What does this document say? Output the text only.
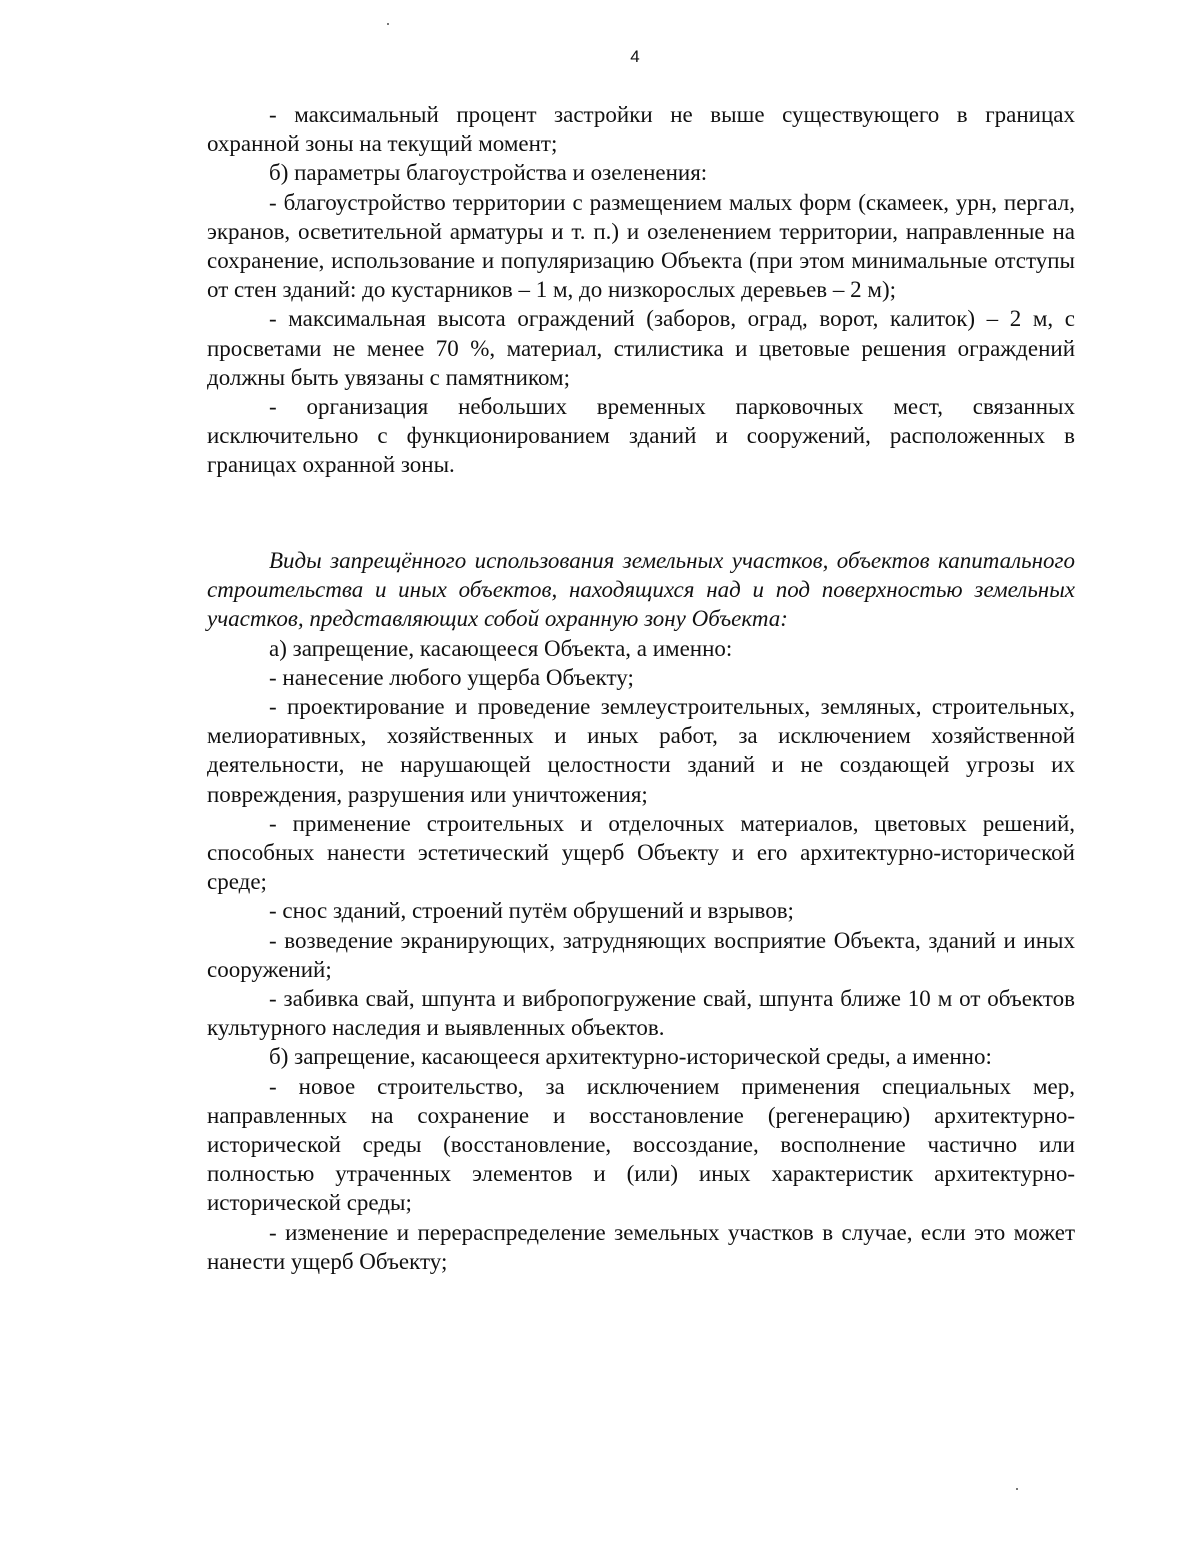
4

- максимальный процент застройки не выше существующего в границах охранной зоны на текущий момент;

б) параметры благоустройства и озеленения:

- благоустройство территории с размещением малых форм (скамеек, урн, пергал, экранов, осветительной арматуры и т. п.) и озеленением территории, направленные на сохранение, использование и популяризацию Объекта (при этом минимальные отступы от стен зданий: до кустарников – 1 м, до низкорослых деревьев – 2 м);

- максимальная высота ограждений (заборов, оград, ворот, калиток) – 2 м, с просветами не менее 70 %, материал, стилистика и цветовые решения ограждений должны быть увязаны с памятником;

- организация небольших временных парковочных мест, связанных исключительно с функционированием зданий и сооружений, расположенных в границах охранной зоны.

Виды запрещённого использования земельных участков, объектов капитального строительства и иных объектов, находящихся над и под поверхностью земельных участков, представляющих собой охранную зону Объекта:

а) запрещение, касающееся Объекта, а именно:

- нанесение любого ущерба Объекту;

- проектирование и проведение землеустроительных, земляных, строительных, мелиоративных, хозяйственных и иных работ, за исключением хозяйственной деятельности, не нарушающей целостности зданий и не создающей угрозы их повреждения, разрушения или уничтожения;

- применение строительных и отделочных материалов, цветовых решений, способных нанести эстетический ущерб Объекту и его архитектурно-исторической среде;

- снос зданий, строений путём обрушений и взрывов;

- возведение экранирующих, затрудняющих восприятие Объекта, зданий и иных сооружений;

- забивка свай, шпунта и вибропогружение свай, шпунта ближе 10 м от объектов культурного наследия и выявленных объектов.

б) запрещение, касающееся архитектурно-исторической среды, а именно:

- новое строительство, за исключением применения специальных мер, направленных на сохранение и восстановление (регенерацию) архитектурно-исторической среды (восстановление, воссоздание, восполнение частично или полностью утраченных элементов и (или) иных характеристик архитектурно-исторической среды;

- изменение и перераспределение земельных участков в случае, если это может нанести ущерб Объекту;
